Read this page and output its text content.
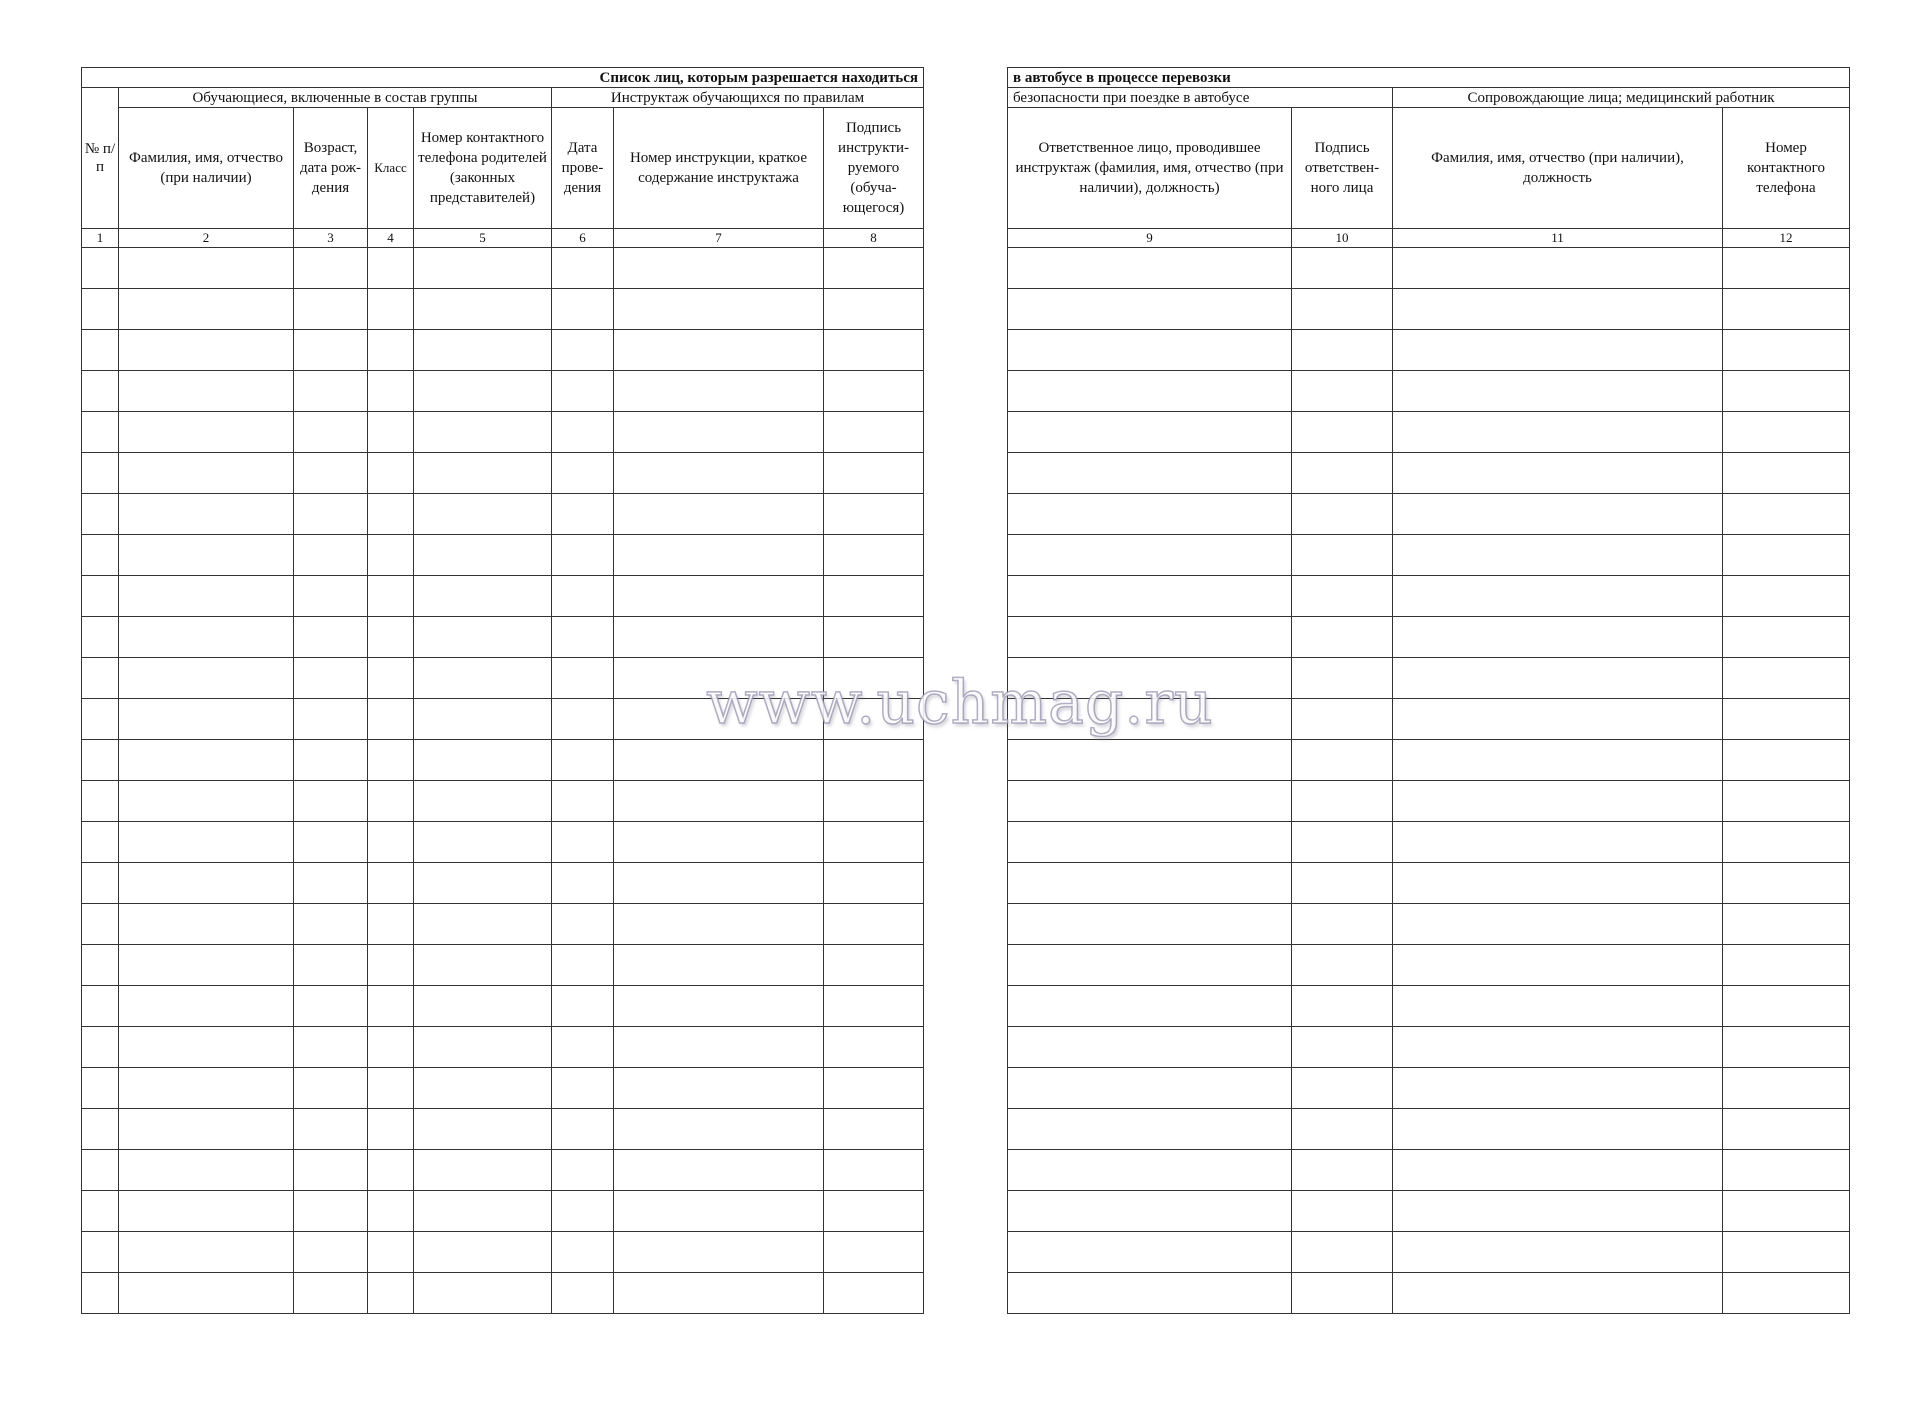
Список лиц, которым разрешается находиться							
№ п/п	Обучающиеся, включенные в состав группы				Инструктаж обучающихся по правилам		
	Фамилия, имя, отчество (при наличии)	Возраст, дата рож-дения	Класс	Номер контактного телефона родителей (законных представителей)	Дата прове-дения	Номер инструкции, краткое содержание инструктажа	Подпись инструкти-руемого (обуча-ющегося)
1	2	3	4	5	6	7	8

в автобусе в процессе перевозки			
безопасности при поездке в автобусе		Сопровождающие лица; медицинский работник	
Ответственное лицо, проводившее инструктаж (фамилия, имя, отчество (при наличии), должность)	Подпись ответствен-ного лица	Фамилия, имя, отчество (при наличии), должность	Номер контактного телефона
9	10	11	12

www.uchmag.ru
